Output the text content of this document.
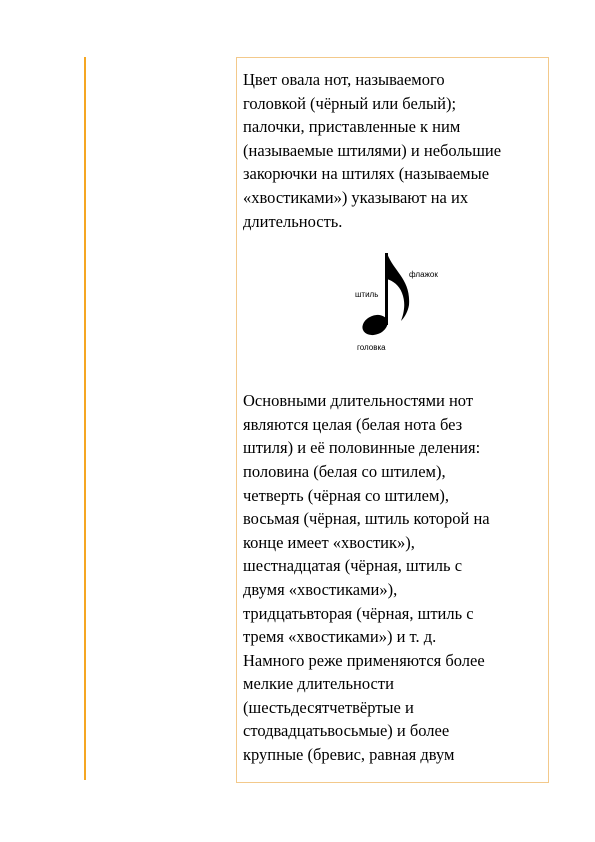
Цвет овала нот, называемого
головкой (чёрный или белый);
палочки, приставленные к ним
(называемые штилями) и небольшие
закорючки на штилях (называемые
«хвостиками») указывают на их
длительность.

флажок
штиль
головка

Основными длительностями нот
являются целая (белая нота без
штиля) и её половинные деления:
половина (белая со штилем),
четверть (чёрная со штилем),
восьмая (чёрная, штиль которой на
конце имеет «хвостик»),
шестнадцатая (чёрная, штиль с
двумя «хвостиками»),
тридцатьвторая (чёрная, штиль с
тремя «хвостиками») и т. д.
Намного реже применяются более
мелкие длительности
(шестьдесятчетвёртые и
стодвадцатьвосьмые) и более
крупные (бревис, равная двум
